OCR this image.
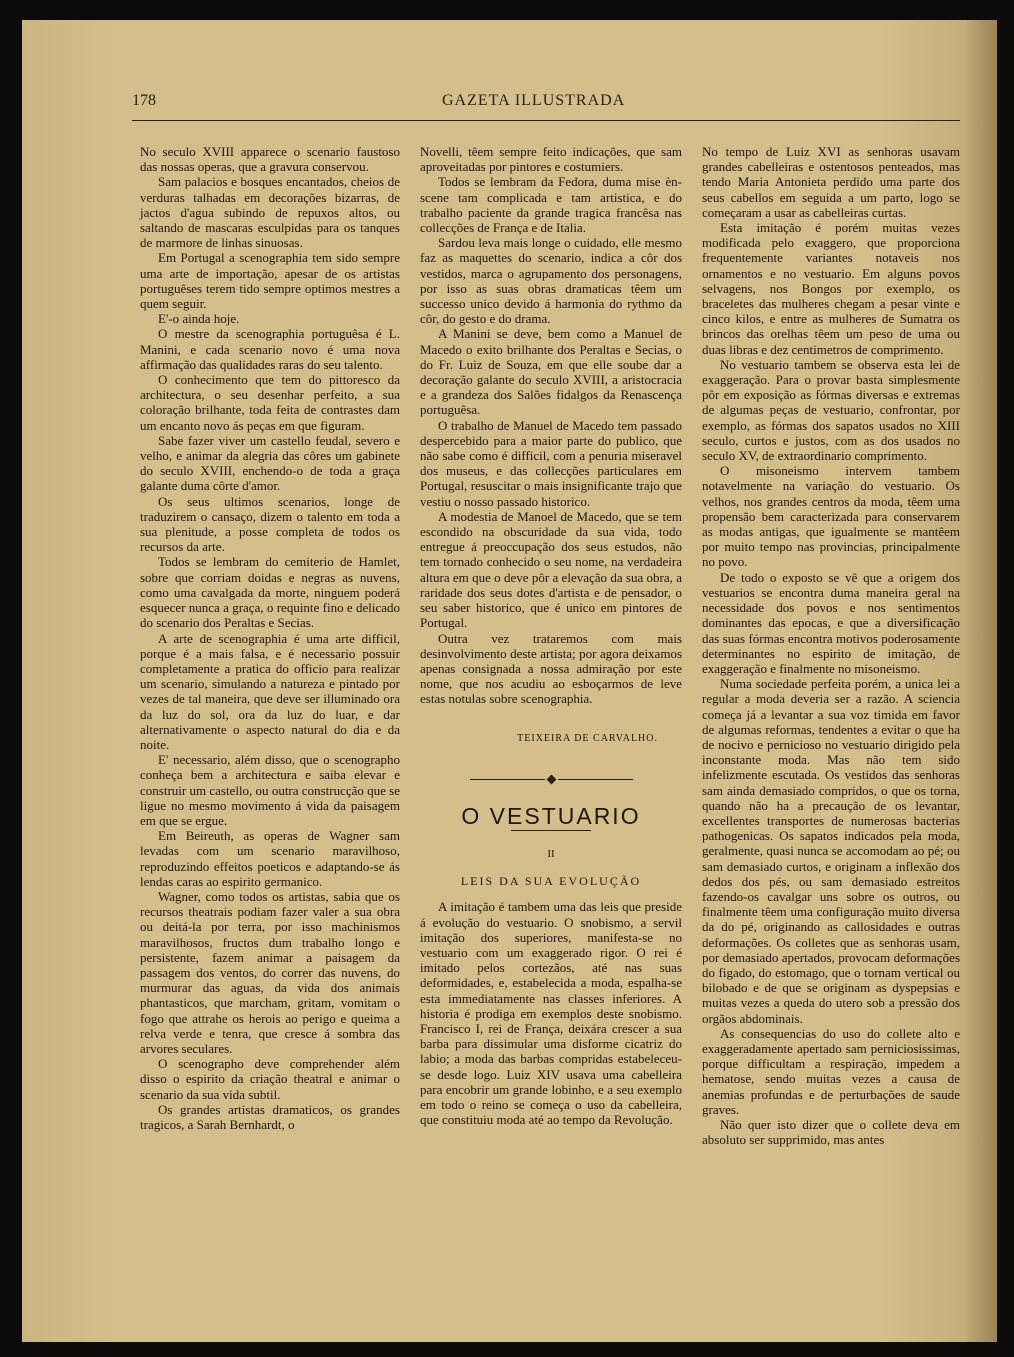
178	GAZETA ILLUSTRADA

No seculo XVIII apparece o scenario faustoso das nossas operas, que a gravura conservou.

Sam palacios e bosques encantados, cheios de verduras talhadas em decorações bizarras, de jactos d'agua subindo de repuxos altos, ou saltando de mascaras esculpidas para os tanques de marmore de linhas sinuosas.

Em Portugal a scenographia tem sido sempre uma arte de importação, apesar de os artistas portuguêses terem tido sempre optimos mestres a quem seguir.

E'-o ainda hoje.

O mestre da scenographia portuguêsa é L. Manini, e cada scenario novo é uma nova affirmação das qualidades raras do seu talento.

O conhecimento que tem do pittoresco da architectura, o seu desenhar perfeito, a sua coloração brilhante, toda feita de contrastes dam um encanto novo ás peças em que figuram.

Sabe fazer viver um castello feudal, severo e velho, e animar da alegria das côres um gabinete do seculo XVIII, enchendo-o de toda a graça galante duma côrte d'amor.

Os seus ultimos scenarios, longe de traduzirem o cansaço, dizem o talento em toda a sua plenitude, a posse completa de todos os recursos da arte.

Todos se lembram do cemiterio de Hamlet, sobre que corriam doidas e negras as nuvens, como uma cavalgada da morte, ninguem poderá esquecer nunca a graça, o requinte fino e delicado do scenario dos Peraltas e Secias.

A arte de scenographia é uma arte difficil, porque é a mais falsa, e é necessario possuir completamente a pratica do officio para realizar um scenario, simulando a natureza e pintado por vezes de tal maneira, que deve ser illuminado ora da luz do sol, ora da luz do luar, e dar alternativamente o aspecto natural do dia e da noite.

E' necessario, além disso, que o scenographo conheça bem a architectura e saiba elevar e construir um castello, ou outra construcção que se ligue no mesmo movimento á vida da paisagem em que se ergue.

Em Beireuth, as operas de Wagner sam levadas com um scenario maravilhoso, reproduzindo effeitos poeticos e adaptando-se ás lendas caras ao espirito germanico.

Wagner, como todos os artistas, sabia que os recursos theatrais podiam fazer valer a sua obra ou deitá-la por terra, por isso machinismos maravilhosos, fructos dum trabalho longo e persistente, fazem animar a paisagem da passagem dos ventos, do correr das nuvens, do murmurar das aguas, da vida dos animais phantasticos, que marcham, gritam, vomitam o fogo que attrahe os herois ao perigo e queima a relva verde e tenra, que cresce á sombra das arvores seculares.

O scenographo deve comprehender além disso o espirito da criação theatral e animar o scenario da sua vida subtil.

Os grandes artistas dramaticos, os grandes tragicos, a Sarah Bernhardt, o

Novelli, têem sempre feito indicações, que sam aproveitadas por pintores e costumiers.

Todos se lembram da Fedora, duma mise èn-scene tam complicada e tam artistica, e do trabalho paciente da grande tragica francêsa nas collecções de França e de Italia.

Sardou leva mais longe o cuidado, elle mesmo faz as maquettes do scenario, indica a côr dos vestidos, marca o agrupamento dos personagens, por isso as suas obras dramaticas têem um successo unico devido á harmonia do rythmo da côr, do gesto e do drama.

A Manini se deve, bem como a Manuel de Macedo o exito brilhante dos Peraltas e Secias, o do Fr. Luiz de Souza, em que elle soube dar a decoração galante do seculo XVIII, a aristocracia e a grandeza dos Salões fidalgos da Renascença portuguêsa.

O trabalho de Manuel de Macedo tem passado despercebido para a maior parte do publico, que não sabe como é difficil, com a penuria miseravel dos museus, e das collecções particulares em Portugal, resuscitar o mais insignificante trajo que vestiu o nosso passado historico.

A modestia de Manoel de Macedo, que se tem escondido na obscuridade da sua vida, todo entregue á preoccupação dos seus estudos, não tem tornado conhecido o seu nome, na verdadeira altura em que o deve pôr a elevação da sua obra, a raridade dos seus dotes d'artista e de pensador, o seu saber historico, que é unico em pintores de Portugal.

Outra vez trataremos com mais desinvolvimento deste artista; por agora deixamos apenas consignada a nossa admiração por este nome, que nos acudiu ao esboçarmos de leve estas notulas sobre scenographia.

TEIXEIRA DE CARVALHO.

O VESTUARIO
II
LEIS DA SUA EVOLUÇÃO

A imitação é tambem uma das leis que preside á evolução do vestuario. O snobismo, a servil imitação dos superiores, manifesta-se no vestuario com um exaggerado rigor. O rei é imitado pelos cortezãos, até nas suas deformidades, e, estabelecida a moda, espalha-se esta immediatamente nas classes inferiores. A historia é prodiga em exemplos deste snobismo. Francisco I, rei de França, deixára crescer a sua barba para dissimular uma disforme cicatriz do labio; a moda das barbas compridas estabeleceu-se desde logo. Luiz XIV usava uma cabelleira para encobrir um grande lobinho, e a seu exemplo em todo o reino se começa o uso da cabelleira, que constituiu moda até ao tempo da Revolução.

No tempo de Luiz XVI as senhoras usavam grandes cabelleiras e ostentosos penteados, mas tendo Maria Antonieta perdido uma parte dos seus cabellos em seguida a um parto, logo se começaram a usar as cabelleiras curtas.

Esta imitação é porém muitas vezes modificada pelo exaggero, que proporciona frequentemente variantes notaveis nos ornamentos e no vestuario. Em alguns povos selvagens, nos Bongos por exemplo, os braceletes das mulheres chegam a pesar vinte e cinco kilos, e entre as mulheres de Sumatra os brincos das orelhas têem um peso de uma ou duas libras e dez centimetros de comprimento.

No vestuario tambem se observa esta lei de exaggeração. Para o provar basta simplesmente pôr em exposição as fórmas diversas e extremas de algumas peças de vestuario, confrontar, por exemplo, as fórmas dos sapatos usados no XIII seculo, curtos e justos, com as dos usados no seculo XV, de extraordinario comprimento.

O misoneismo intervem tambem notavelmente na variação do vestuario. Os velhos, nos grandes centros da moda, têem uma propensão bem caracterizada para conservarem as modas antigas, que igualmente se mantêem por muito tempo nas provincias, principalmente no povo.

De todo o exposto se vê que a origem dos vestuarios se encontra duma maneira geral na necessidade dos povos e nos sentimentos dominantes das epocas, e que a diversificação das suas fórmas encontra motivos poderosamente determinantes no espirito de imitação, de exaggeração e finalmente no misoneismo.

Numa sociedade perfeita porém, a unica lei a regular a moda deveria ser a razão. A sciencia começa já a levantar a sua voz timida em favor de algumas reformas, tendentes a evitar o que ha de nocivo e pernicioso no vestuario dirigido pela inconstante moda. Mas não tem sido infelizmente escutada. Os vestidos das senhoras sam ainda demasiado compridos, o que os torna, quando não ha a precaução de os levantar, excellentes transportes de numerosas bacterias pathogenicas. Os sapatos indicados pela moda, geralmente, quasi nunca se accomodam ao pé; ou sam demasiado curtos, e originam a inflexão dos dedos dos pés, ou sam demasiado estreitos fazendo-os cavalgar uns sobre os outros, ou finalmente têem uma configuração muito diversa da do pé, originando as callosidades e outras deformações. Os colletes que as senhoras usam, por demasiado apertados, provocam deformações do figado, do estomago, que o tornam vertical ou bilobado e de que se originam as dyspepsias e muitas vezes a queda do utero sob a pressão dos orgãos abdominais.

As consequencias do uso do collete alto e exaggeradamente apertado sam perniciosissimas, porque difficultam a respiração, impedem a hematose, sendo muitas vezes a causa de anemias profundas e de perturbações de saude graves.

Não quer isto dizer que o collete deva em absoluto ser supprimido, mas antes
